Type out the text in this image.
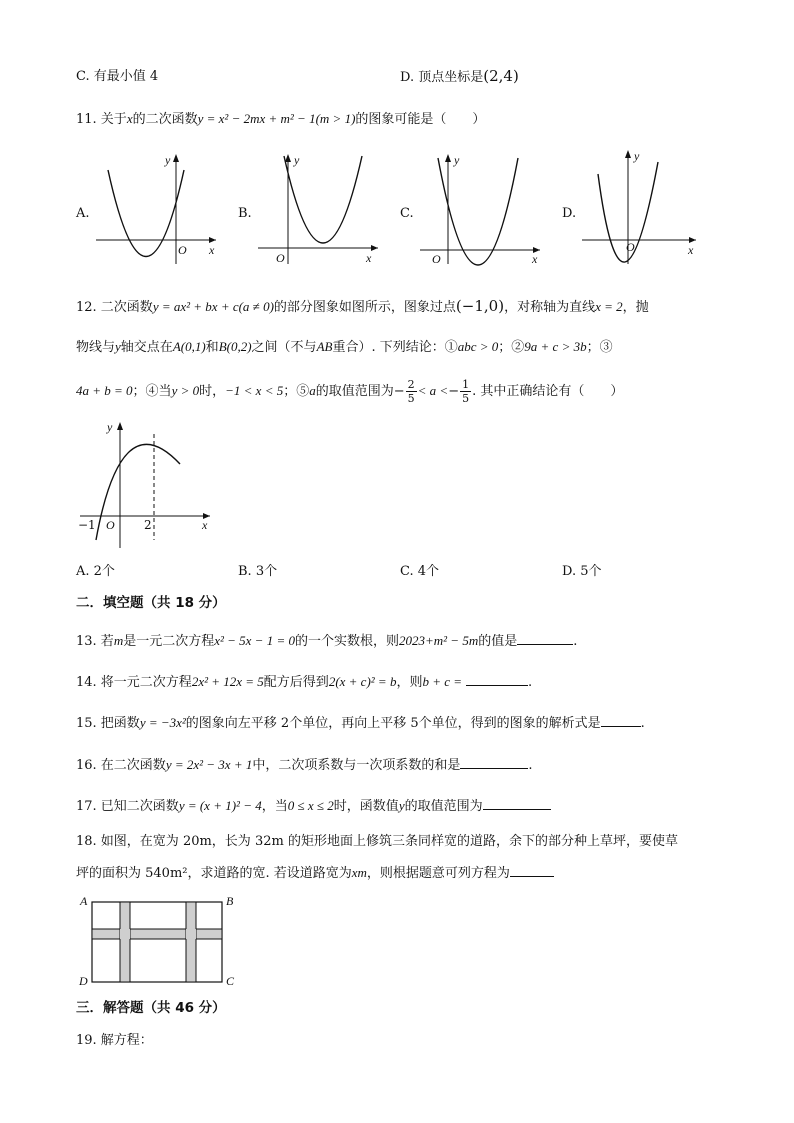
C. 有最小值 4	D. 顶点坐标是(2,4)
11. 关于x的二次函数y = x² − 2mx + m² − 1(m > 1)的图象可能是（　　）
A.	B.	C.	D.
y
x
O
y
x
O
y
x
O
y
x
O
12. 二次函数y = ax² + bx + c(a ≠ 0)的部分图象如图所示，图象过点(−1,0)，对称轴为直线x = 2，抛
物线与y轴交点在A(0,1)和B(0,2)之间（不与AB重合）. 下列结论：①abc > 0；②9a + c > 3b；③
4a + b = 0；④当y > 0时，−1 < x < 5；⑤a的取值范围为− $\frac{2}{5} < a <- \frac{1}{5}$ . 其中正确结论有（　　）
y
x
O
−1	2
A. 2个	B. 3个	C. 4个	D. 5个
二．填空题（共 18 分）
13. 若m是一元二次方程x² − 5x − 1 = 0的一个实数根，则2023+m² − 5m的值是	.
14. 将一元二次方程2x² + 12x = 5配方后得到2(x + c)² = b，则b + c =	.
15. 把函数y = −3x²的图象向左平移 2个单位，再向上平移 5个单位，得到的图象的解析式是	.
16. 在二次函数y = 2x² − 3x + 1中，二次项系数与一次项系数的和是	.
17. 已知二次函数y = (x + 1)² − 4，当0 ≤ x ≤ 2时，函数值y的取值范围为
18. 如图，在宽为 20m，长为 32m 的矩形地面上修筑三条同样宽的道路，余下的部分种上草坪，要使草
坪的面积为 540m²，求道路的宽. 若设道路宽为xm，则根据题意可列方程为
A	B
C
D
三．解答题（共 46 分）
19. 解方程：
